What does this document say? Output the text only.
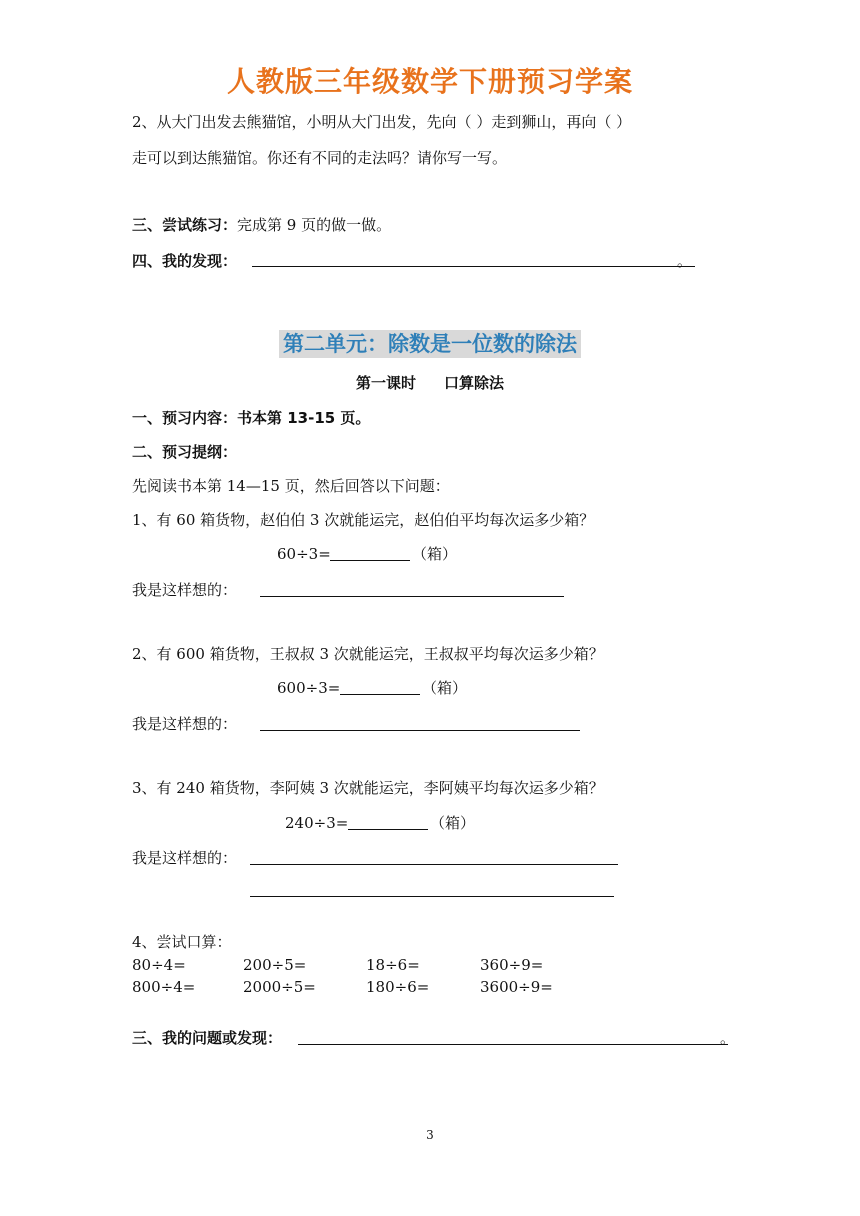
人教版三年级数学下册预习学案
2、从大门出发去熊猫馆，小明从大门出发，先向（ ）走到狮山，再向（ ）
走可以到达熊猫馆。你还有不同的走法吗？请你写一写。
三、尝试练习：完成第 9 页的做一做。
四、我的发现：	。
第二单元：除数是一位数的除法
第一课时 口算除法
一、预习内容：书本第 13-15 页。
二、预习提纲：
先阅读书本第 14—15 页，然后回答以下问题：
1、有 60 箱货物，赵伯伯 3 次就能运完，赵伯伯平均每次运多少箱？
60÷3=	（箱）
我是这样想的：
2、有 600 箱货物，王叔叔 3 次就能运完，王叔叔平均每次运多少箱？
600÷3=	（箱）
我是这样想的：
3、有 240 箱货物，李阿姨 3 次就能运完，李阿姨平均每次运多少箱？
240÷3=	（箱）
我是这样想的：
4、尝试口算：
80÷4=	200÷5=	18÷6=	360÷9=
800÷4=	2000÷5=	180÷6=	3600÷9=
三、我的问题或发现：	。
3
